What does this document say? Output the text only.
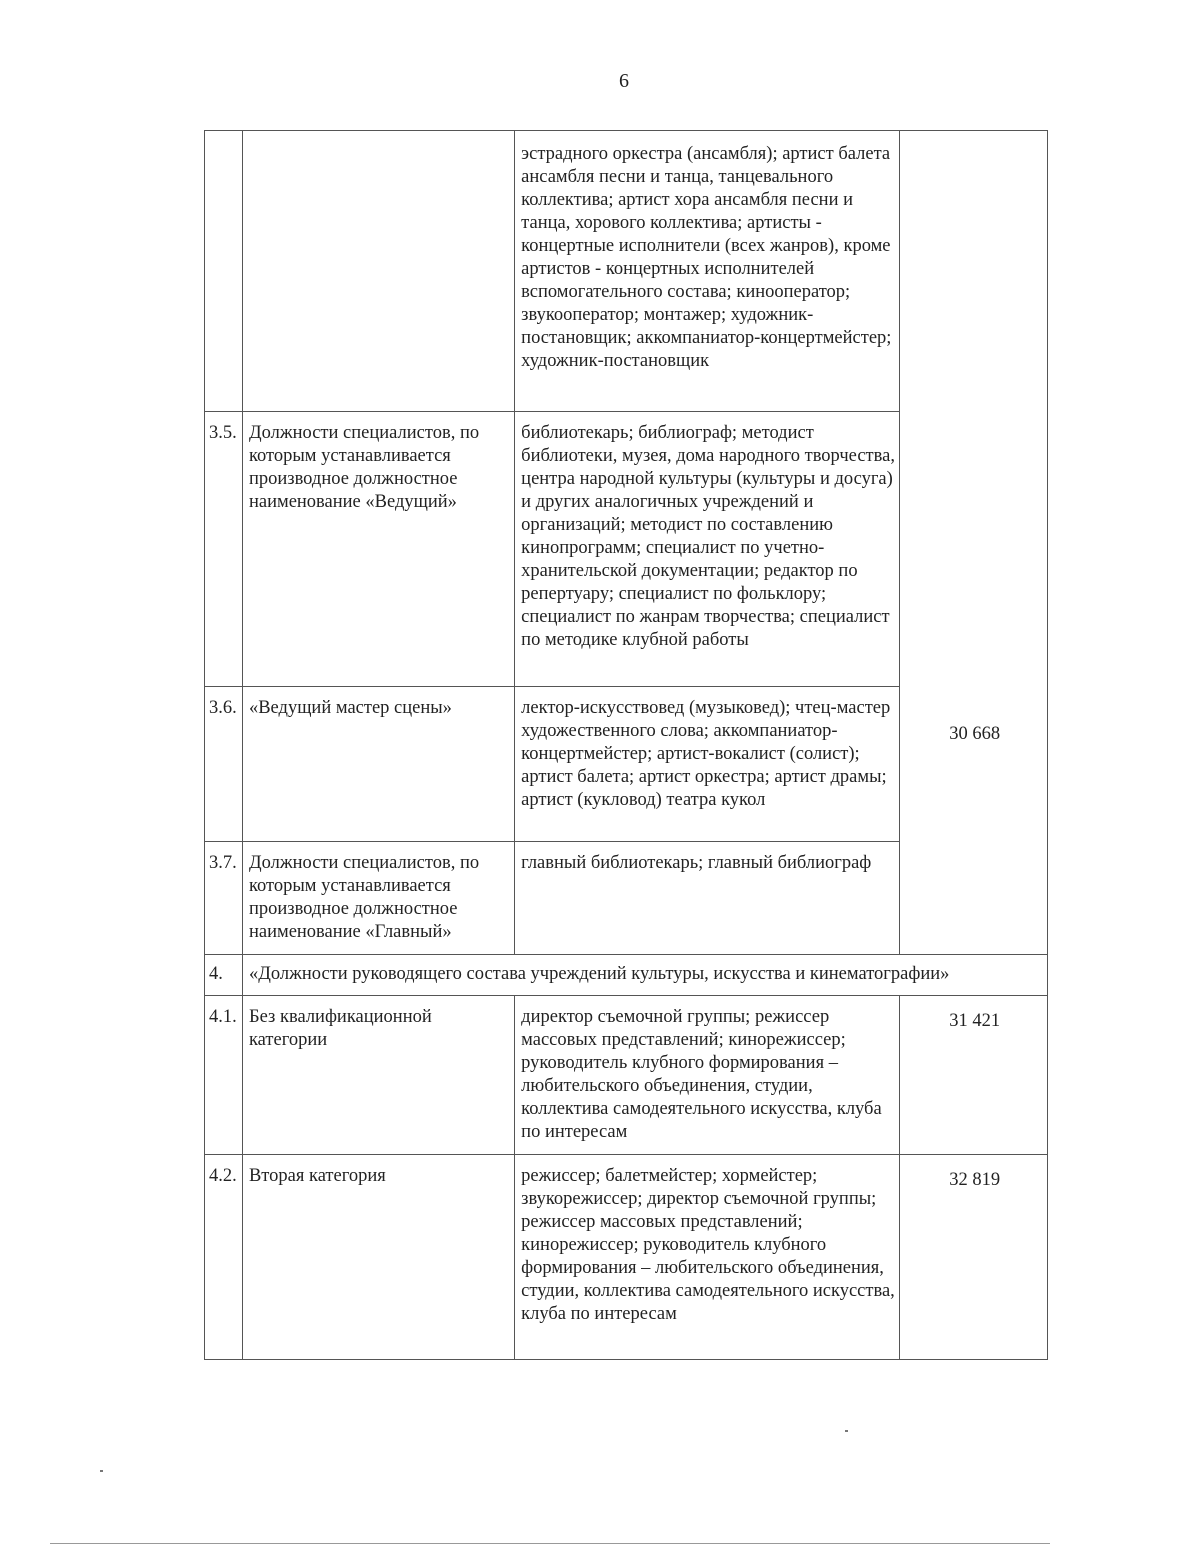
6
		эстрадного оркестра (ансамбля); артист балета ансамбля песни и танца, танцевального коллектива; артист хора ансамбля песни и танца, хорового коллектива; артисты - концертные исполнители (всех жанров), кроме артистов - концертных исполнителей вспомогательного состава; кинооператор; звукооператор; монтажер; художник-постановщик; аккомпаниатор-концертмейстер; художник-постановщик	30 668
3.5.	Должности специалистов, по которым устанавливается производное должностное наименование «Ведущий»	библиотекарь; библиограф; методист библиотеки, музея, дома народного творчества, центра народной культуры (культуры и досуга) и других аналогичных учреждений и организаций; методист по составлению кинопрограмм; специалист по учетно-хранительской документации; редактор по репертуару; специалист по фольклору; специалист по жанрам творчества; специалист по методике клубной работы	
3.6.	«Ведущий мастер сцены»	лектор-искусствовед (музыковед); чтец-мастер художественного слова; аккомпаниатор-концертмейстер; артист-вокалист (солист); артист балета; артист оркестра; артист драмы; артист (кукловод) театра кукол	
3.7.	Должности специалистов, по которым устанавливается производное должностное наименование «Главный»	главный библиотекарь; главный библиограф	
4.	«Должности руководящего состава учреждений культуры, искусства и кинематографии»		
4.1.	Без квалификационной категории	директор съемочной группы; режиссер массовых представлений; кинорежиссер; руководитель клубного формирования – любительского объединения, студии, коллектива самодеятельного искусства, клуба по интересам	31 421
4.2.	Вторая категория	режиссер; балетмейстер; хормейстер; звукорежиссер; директор съемочной группы; режиссер массовых представлений; кинорежиссер; руководитель клубного формирования – любительского объединения, студии, коллектива самодеятельного искусства, клуба по интересам	32 819
